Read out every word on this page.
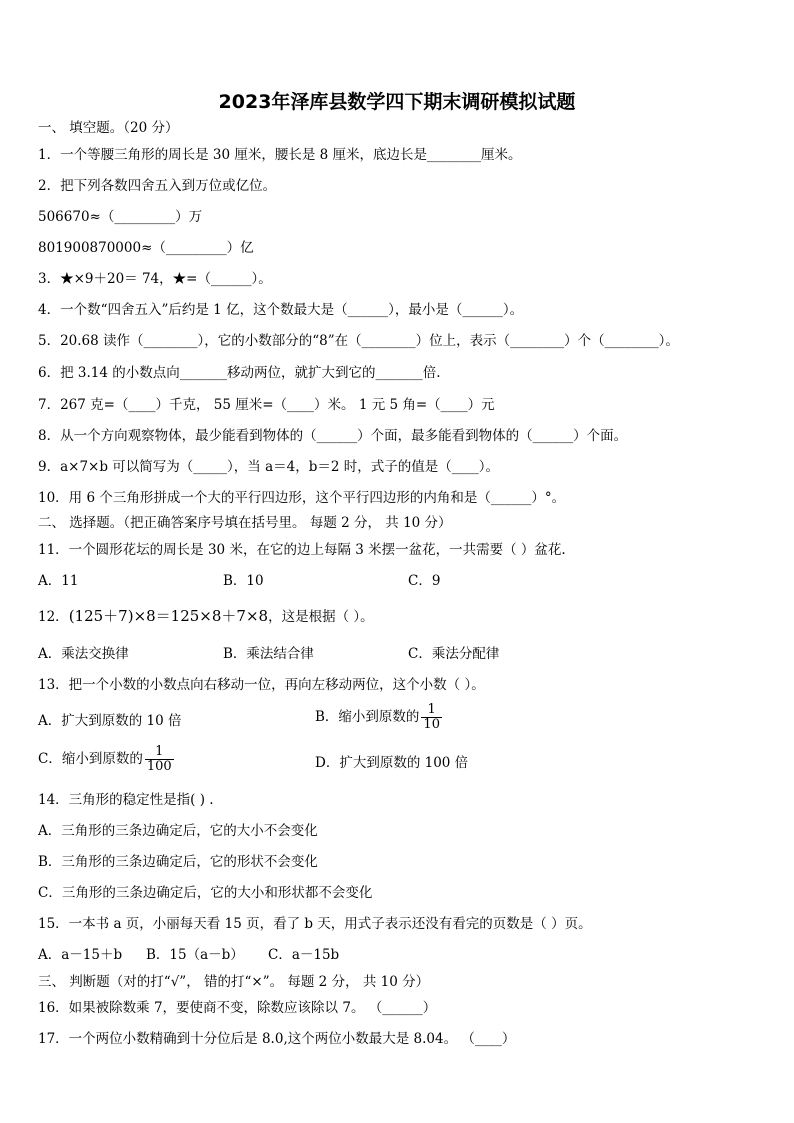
2023年泽库县数学四下期末调研模拟试题
一、 填空题。（20 分）
1．一个等腰三角形的周长是 30 厘米，腰长是 8 厘米，底边长是________厘米。
2．把下列各数四舍五入到万位或亿位。
506670≈（_________）万
801900870000≈（_________）亿
3．★×9＋20＝ 74，★=（______）。
4．一个数“四舍五入”后约是 1 亿，这个数最大是（______），最小是（______）。
5．20.68 读作（________），它的小数部分的“8”在（________）位上，表示（________）个（________）。
6．把 3.14 的小数点向_______移动两位，就扩大到它的_______倍.
7．267 克=（____）千克， 55 厘米=（____）米。 1 元 5 角=（____）元
8．从一个方向观察物体，最少能看到物体的（______）个面，最多能看到物体的（______）个面。
9．a×7×b 可以简写为（_____），当 a＝4，b＝2 时，式子的值是（____）。
10．用 6 个三角形拼成一个大的平行四边形，这个平行四边形的内角和是（______）°。
二、 选择题。（把正确答案序号填在括号里。 每题 2 分， 共 10 分）
11．一个圆形花坛的周长是 30 米，在它的边上每隔 3 米摆一盆花，一共需要（ ）盆花.
A．11	B．10	C．9
12．(125＋7)×8＝125×8＋7×8，这是根据（ ）。
A．乘法交换律	B．乘法结合律	C．乘法分配律
13．把一个小数的小数点向右移动一位，再向左移动两位，这个小数（ ）。
A．扩大到原数的 10 倍	B．缩小到原数的 $\frac{1}{10}$
C．缩小到原数的 $\frac{1}{100}$	D．扩大到原数的 100 倍
14．三角形的稳定性是指( ) .
A．三角形的三条边确定后，它的大小不会变化
B．三角形的三条边确定后，它的形状不会变化
C．三角形的三条边确定后，它的大小和形状都不会变化
15．一本书 a 页，小丽每天看 15 页，看了 b 天，用式子表示还没有看完的页数是（ ）页。
A．a－15＋b B．15（a－b） C．a－15b
三、 判断题（对的打“√”， 错的打“×”。 每题 2 分， 共 10 分）
16．如果被除数乘 7，要使商不变，除数应该除以 7。 （______）
17．一个两位小数精确到十分位后是 8.0,这个两位小数最大是 8.04。 （____）
